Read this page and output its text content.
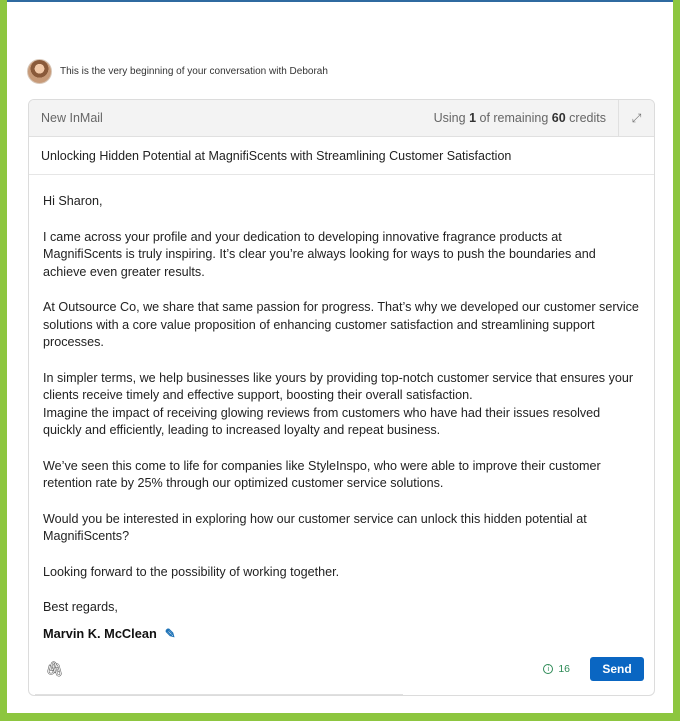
This is the very beginning of your conversation with Deborah
New InMail	Using 1 of remaining 60 credits	⤢
Unlocking Hidden Potential at MagnifiScents with Streamlining Customer Satisfaction

Hi Sharon,

I came across your profile and your dedication to developing innovative fragrance products at MagnifiScents is truly inspiring. It’s clear you’re always looking for ways to push the boundaries and achieve even greater results.

At Outsource Co, we share that same passion for progress. That’s why we developed our customer service solutions with a core value proposition of enhancing customer satisfaction and streamlining support processes.

In simpler terms, we help businesses like yours by providing top-notch customer service that ensures your clients receive timely and effective support, boosting their overall satisfaction.

Imagine the impact of receiving glowing reviews from customers who have had their issues resolved quickly and efficiently, leading to increased loyalty and repeat business.

We’ve seen this come to life for companies like StyleInspo, who were able to improve their customer retention rate by 25% through our optimized customer service solutions.

Would you be interested in exploring how our customer service can unlock this hidden potential at MagnifiScents?

Looking forward to the possibility of working together.

Best regards,
Marvin K. McClean ✎
🖇	i 16	Send
